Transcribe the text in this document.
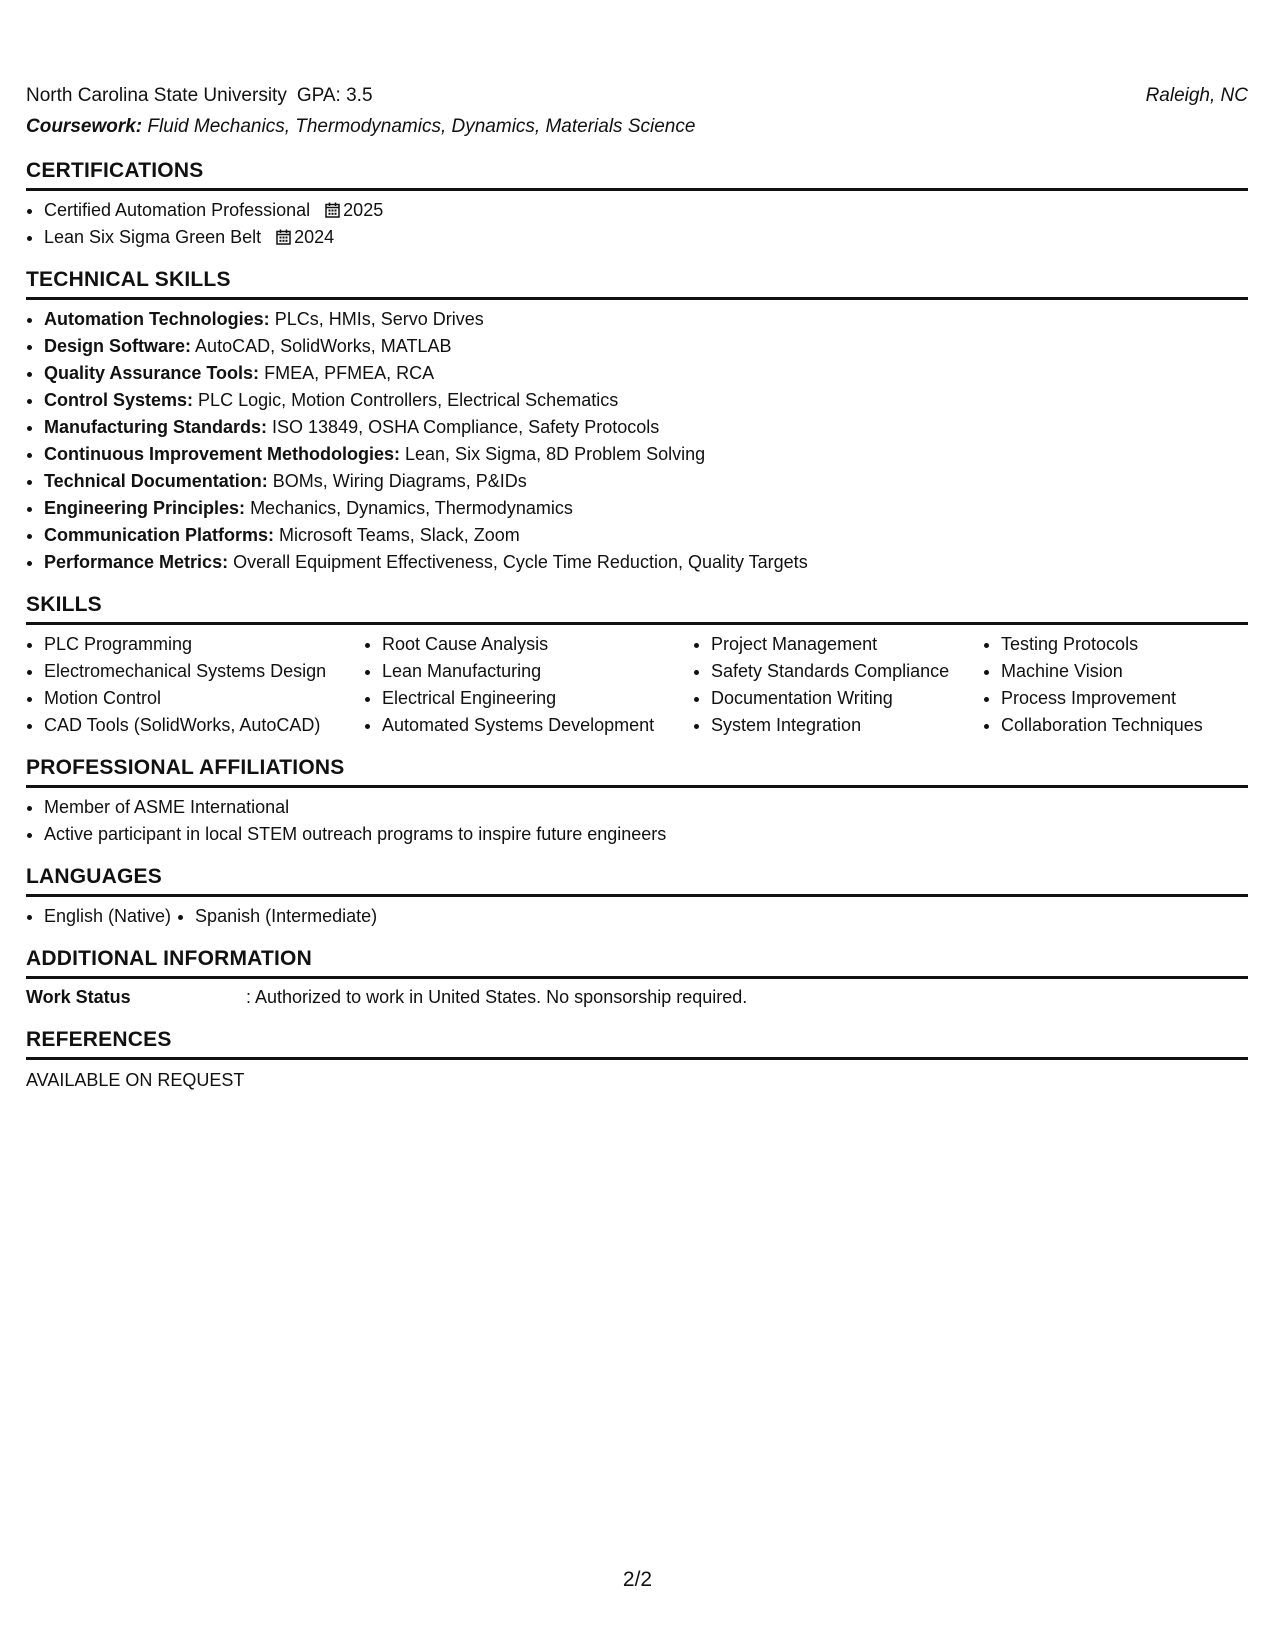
North Carolina State University GPA: 3.5	Raleigh, NC
Coursework: Fluid Mechanics, Thermodynamics, Dynamics, Materials Science
CERTIFICATIONS
• Certified Automation Professional 2025
• Lean Six Sigma Green Belt 2024
TECHNICAL SKILLS
• Automation Technologies: PLCs, HMIs, Servo Drives
• Design Software: AutoCAD, SolidWorks, MATLAB
• Quality Assurance Tools: FMEA, PFMEA, RCA
• Control Systems: PLC Logic, Motion Controllers, Electrical Schematics
• Manufacturing Standards: ISO 13849, OSHA Compliance, Safety Protocols
• Continuous Improvement Methodologies: Lean, Six Sigma, 8D Problem Solving
• Technical Documentation: BOMs, Wiring Diagrams, P&IDs
• Engineering Principles: Mechanics, Dynamics, Thermodynamics
• Communication Platforms: Microsoft Teams, Slack, Zoom
• Performance Metrics: Overall Equipment Effectiveness, Cycle Time Reduction, Quality Targets
SKILLS
• PLC Programming
• Electromechanical Systems Design
• Motion Control
• CAD Tools (SolidWorks, AutoCAD)
• Root Cause Analysis
• Lean Manufacturing
• Electrical Engineering
• Automated Systems Development
• Project Management
• Safety Standards Compliance
• Documentation Writing
• System Integration
• Testing Protocols
• Machine Vision
• Process Improvement
• Collaboration Techniques
PROFESSIONAL AFFILIATIONS
• Member of ASME International
• Active participant in local STEM outreach programs to inspire future engineers
LANGUAGES
• English (Native)
• Spanish (Intermediate)
ADDITIONAL INFORMATION
Work Status	: Authorized to work in United States. No sponsorship required.
REFERENCES
AVAILABLE ON REQUEST
2/2
